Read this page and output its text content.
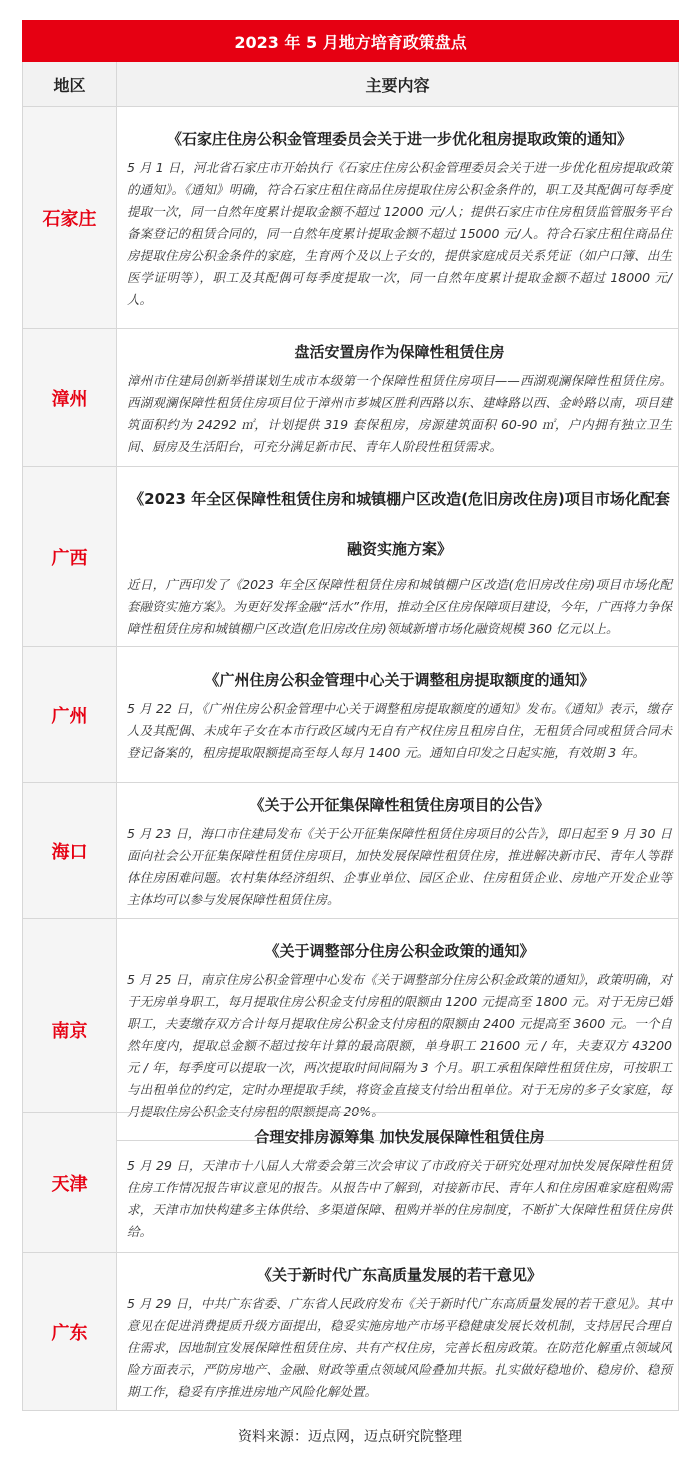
2023 年 5 月地方培育政策盘点	
地区	主要内容
石家庄	《石家庄住房公积金管理委员会关于进一步优化租房提取政策的通知》
5 月 1 日，河北省石家庄市开始执行《石家庄住房公积金管理委员会关于进一步优化租房提取政策的通知》。《通知》明确，符合石家庄租住商品住房提取住房公积金条件的，职工及其配偶可每季度提取一次，同一自然年度累计提取金额不超过 12000 元/人；提供石家庄市住房租赁监管服务平台备案登记的租赁合同的，同一自然年度累计提取金额不超过 15000 元/人。符合石家庄租住商品住房提取住房公积金条件的家庭，生育两个及以上子女的，提供家庭成员关系凭证（如户口簿、出生医学证明等），职工及其配偶可每季度提取一次，同一自然年度累计提取金额不超过 18000 元/人。

漳州	盘活安置房作为保障性租赁住房
漳州市住建局创新举措谋划生成市本级第一个保障性租赁住房项目——西湖观澜保障性租赁住房。西湖观澜保障性租赁住房项目位于漳州市芗城区胜利西路以东、建峰路以西、金岭路以南，项目建筑面积约为 24292 ㎡，计划提供 319 套保租房，房源建筑面积 60-90 ㎡，户内拥有独立卫生间、厨房及生活阳台，可充分满足新市民、青年人阶段性租赁需求。

广西	《2023 年全区保障性租赁住房和城镇棚户区改造(危旧房改住房)项目市场化配套融资实施方案》
近日，广西印发了《2023 年全区保障性租赁住房和城镇棚户区改造(危旧房改住房)项目市场化配套融资实施方案》。为更好发挥金融“活水”作用，推动全区住房保障项目建设，今年，广西将力争保障性租赁住房和城镇棚户区改造(危旧房改住房)领域新增市场化融资规模 360 亿元以上。

广州	《广州住房公积金管理中心关于调整租房提取额度的通知》
5 月 22 日，《广州住房公积金管理中心关于调整租房提取额度的通知》发布。《通知》表示，缴存人及其配偶、未成年子女在本市行政区域内无自有产权住房且租房自住，无租赁合同或租赁合同未登记备案的，租房提取限额提高至每人每月 1400 元。通知自印发之日起实施，有效期 3 年。

海口	《关于公开征集保障性租赁住房项目的公告》
5 月 23 日，海口市住建局发布《关于公开征集保障性租赁住房项目的公告》，即日起至 9 月 30 日面向社会公开征集保障性租赁住房项目，加快发展保障性租赁住房，推进解决新市民、青年人等群体住房困难问题。农村集体经济组织、企事业单位、园区企业、住房租赁企业、房地产开发企业等主体均可以参与发展保障性租赁住房。

南京	《关于调整部分住房公积金政策的通知》
5 月 25 日，南京住房公积金管理中心发布《关于调整部分住房公积金政策的通知》，政策明确，对于无房单身职工，每月提取住房公积金支付房租的限额由 1200 元提高至 1800 元。对于无房已婚职工，夫妻缴存双方合计每月提取住房公积金支付房租的限额由 2400 元提高至 3600 元。一个自然年度内，提取总金额不超过按年计算的最高限额，单身职工 21600 元 / 年，夫妻双方 43200 元 / 年，每季度可以提取一次，两次提取时间间隔为 3 个月。职工承租保障性租赁住房，可按职工与出租单位的约定，定时办理提取手续，将资金直接支付给出租单位。对于无房的多子女家庭，每月提取住房公积金支付房租的限额提高 20%。
天津	合理安排房源筹集 加快发展保障性租赁住房
5 月 29 日，天津市十八届人大常委会第三次会审议了市政府关于研究处理对加快发展保障性租赁住房工作情况报告审议意见的报告。从报告中了解到，对接新市民、青年人和住房困难家庭租购需求，天津市加快构建多主体供给、多渠道保障、租购并举的住房制度，不断扩大保障性租赁住房供给。

广东	《关于新时代广东高质量发展的若干意见》
5 月 29 日，中共广东省委、广东省人民政府发布《关于新时代广东高质量发展的若干意见》。其中意见在促进消费提质升级方面提出，稳妥实施房地产市场平稳健康发展长效机制，支持居民合理自住需求，因地制宜发展保障性租赁住房、共有产权住房，完善长租房政策。在防范化解重点领域风险方面表示，严防房地产、金融、财政等重点领域风险叠加共振。扎实做好稳地价、稳房价、稳预期工作，稳妥有序推进房地产风险化解处置。
资料来源：迈点网，迈点研究院整理
